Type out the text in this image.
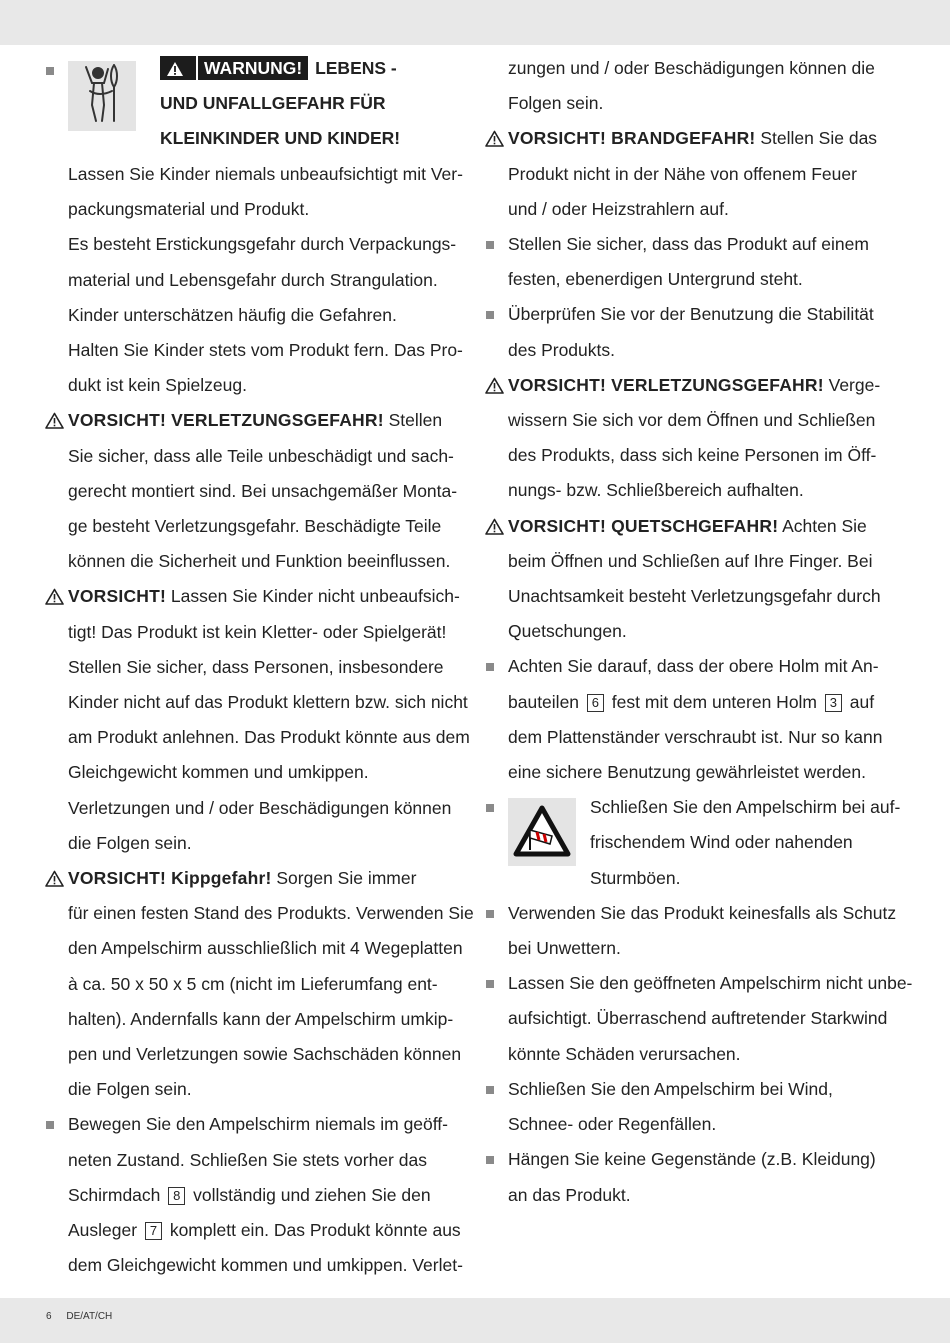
WARNUNG! LEBENS -
UND UNFALLGEFAHR FÜR
KLEINKINDER UND KINDER!
Lassen Sie Kinder niemals unbeaufsichtigt mit Ver-
packungsmaterial und Produkt.
Es besteht Erstickungsgefahr durch Verpackungs-
material und Lebensgefahr durch Strangulation.
Kinder unterschätzen häufig die Gefahren.
Halten Sie Kinder stets vom Produkt fern. Das Pro-
dukt ist kein Spielzeug.
VORSICHT! VERLETZUNGSGEFAHR! Stellen
Sie sicher, dass alle Teile unbeschädigt und sach-
gerecht montiert sind. Bei unsachgemäßer Monta-
ge besteht Verletzungsgefahr. Beschädigte Teile
können die Sicherheit und Funktion beeinflussen.
VORSICHT! Lassen Sie Kinder nicht unbeaufsich-
tigt! Das Produkt ist kein Kletter- oder Spielgerät!
Stellen Sie sicher, dass Personen, insbesondere
Kinder nicht auf das Produkt klettern bzw. sich nicht
am Produkt anlehnen. Das Produkt könnte aus dem
Gleichgewicht kommen und umkippen.
Verletzungen und / oder Beschädigungen können
die Folgen sein.
VORSICHT! Kippgefahr! Sorgen Sie immer
für einen festen Stand des Produkts. Verwenden Sie
den Ampelschirm ausschließlich mit 4 Wegeplatten
à ca. 50 x 50 x 5 cm (nicht im Lieferumfang ent-
halten). Andernfalls kann der Ampelschirm umkip-
pen und Verletzungen sowie Sachschäden können
die Folgen sein.
Bewegen Sie den Ampelschirm niemals im geöff-
neten Zustand. Schließen Sie stets vorher das
Schirmdach 8 vollständig und ziehen Sie den
Ausleger 7 komplett ein. Das Produkt könnte aus
dem Gleichgewicht kommen und umkippen. Verlet-
zungen und / oder Beschädigungen können die
Folgen sein.
VORSICHT! BRANDGEFAHR! Stellen Sie das
Produkt nicht in der Nähe von offenem Feuer
und / oder Heizstrahlern auf.
Stellen Sie sicher, dass das Produkt auf einem
festen, ebenerdigen Untergrund steht.
Überprüfen Sie vor der Benutzung die Stabilität
des Produkts.
VORSICHT! VERLETZUNGSGEFAHR! Verge-
wissern Sie sich vor dem Öffnen und Schließen
des Produkts, dass sich keine Personen im Öff-
nungs- bzw. Schließbereich aufhalten.
VORSICHT! QUETSCHGEFAHR! Achten Sie
beim Öffnen und Schließen auf Ihre Finger. Bei
Unachtsamkeit besteht Verletzungsgefahr durch
Quetschungen.
Achten Sie darauf, dass der obere Holm mit An-
bauteilen 6 fest mit dem unteren Holm 3 auf
dem Plattenständer verschraubt ist. Nur so kann
eine sichere Benutzung gewährleistet werden.
Schließen Sie den Ampelschirm bei auf-
frischendem Wind oder nahenden
Sturmböen.
Verwenden Sie das Produkt keinesfalls als Schutz
bei Unwettern.
Lassen Sie den geöffneten Ampelschirm nicht unbe-
aufsichtigt. Überraschend auftretender Starkwind
könnte Schäden verursachen.
Schließen Sie den Ampelschirm bei Wind,
Schnee- oder Regenfällen.
Hängen Sie keine Gegenstände (z.B. Kleidung)
an das Produkt.
6 DE/AT/CH
